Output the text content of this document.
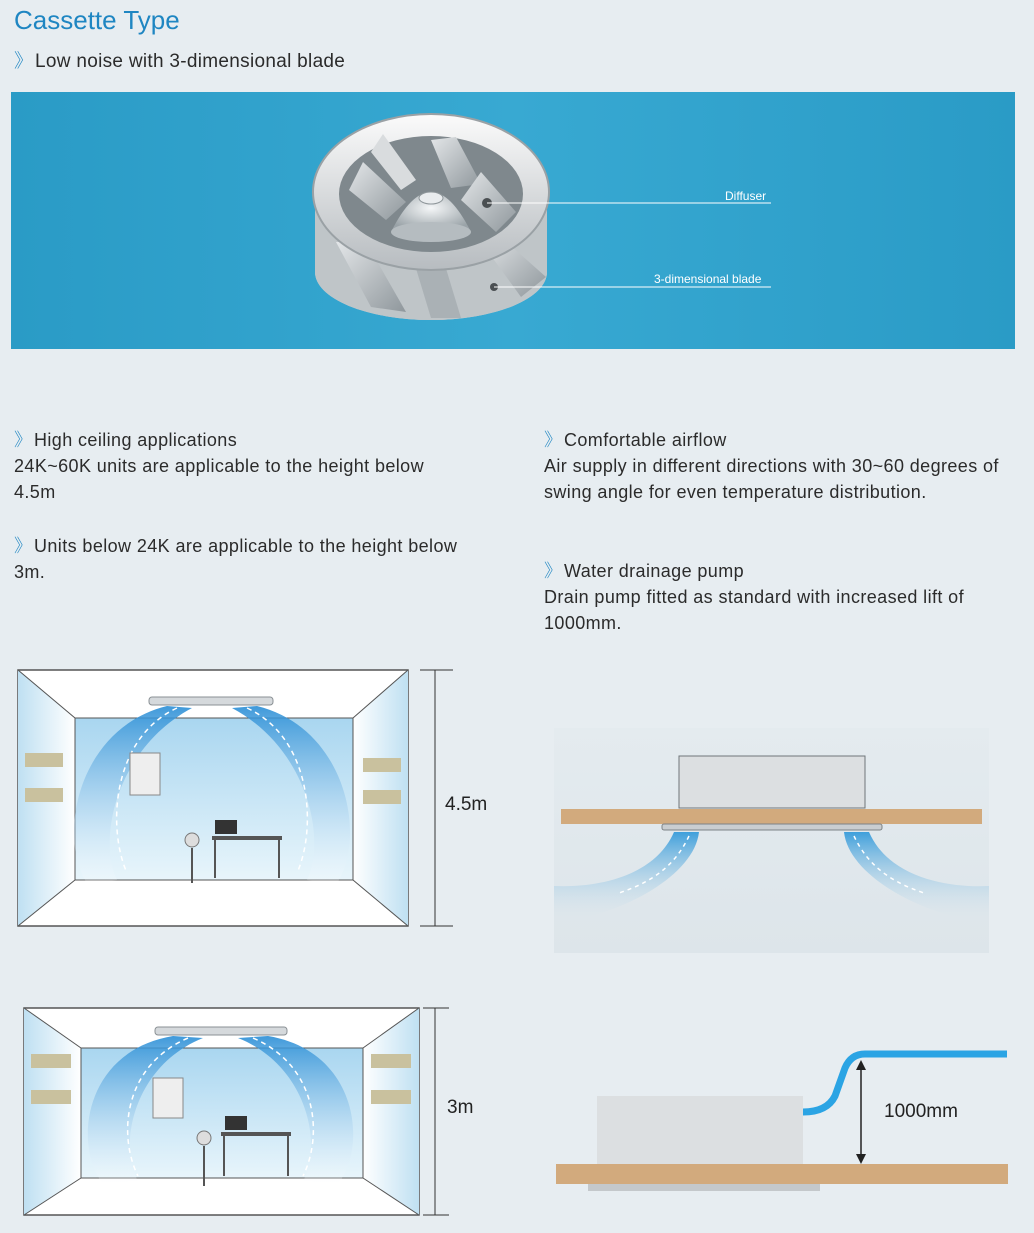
Cassette Type
》 Low noise with 3-dimensional blade
Diffuser
3-dimensional blade

》 High ceiling applications

24K~60K units are applicable to the height below 4.5m

》 Units below 24K are applicable to the height below 3m.

》 Comfortable airflow

Air supply in different directions with 30~60 degrees of swing angle for even temperature distribution.

》 Water drainage pump

Drain pump fitted as standard with increased lift of 1000mm.

4.5m
3m	1000mm
